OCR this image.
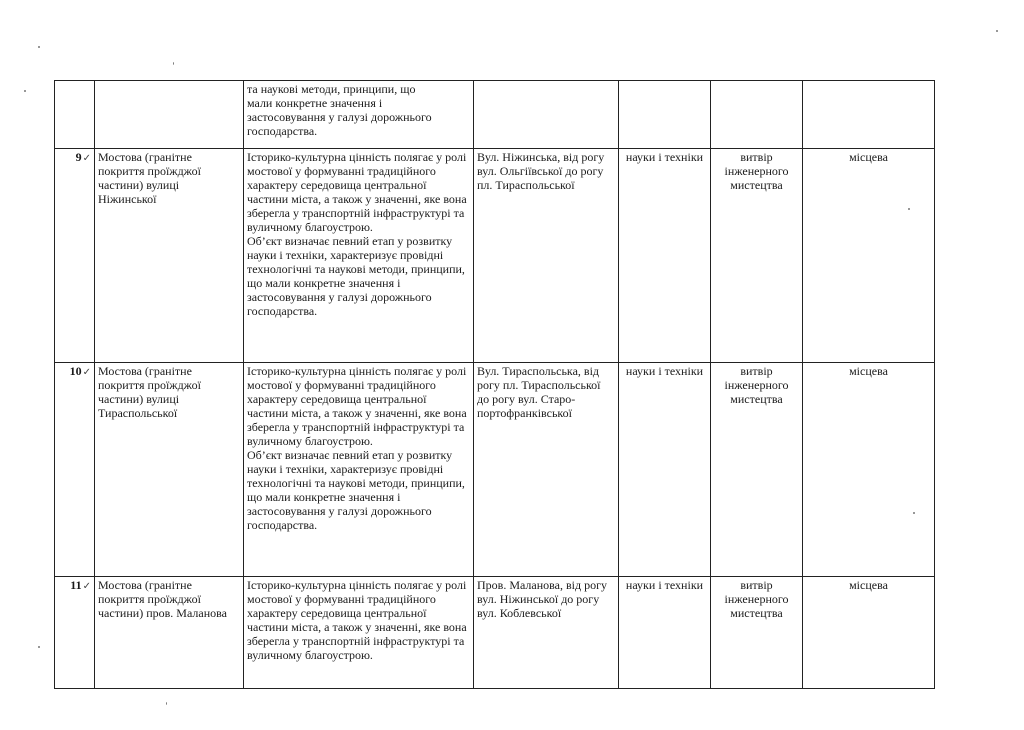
		та наукові методи, принципи, що
мали конкретне значення і
застосовування у галузі дорожнього
господарства.				

9✓	Мостова (гранітне покриття проїжджої частини) вулиці Ніжинської	Історико-культурна цінність полягає у ролі мостової у формуванні традиційного характеру середовища центральної частини міста, а також у значенні, яке вона зберегла у транспортній інфраструктурі та вуличному благоустрою.
Об’єкт визначає певний етап у розвитку науки і техніки, характеризує провідні технологічні та наукові методи, принципи, що мали конкретне значення і застосовування у галузі дорожнього господарства.	Вул. Ніжинська, від рогу вул. Ольгіївської до рогу пл. Тираспольської	науки і техніки	витвір інженерного мистецтва	місцева
10✓	Мостова (гранітне покриття проїжджої частини) вулиці Тираспольської	Історико-культурна цінність полягає у ролі мостової у формуванні традиційного характеру середовища центральної частини міста, а також у значенні, яке вона зберегла у транспортній інфраструктурі та вуличному благоустрою.
Об’єкт визначає певний етап у розвитку науки і техніки, характеризує провідні технологічні та наукові методи, принципи, що мали конкретне значення і застосовування у галузі дорожнього господарства.	Вул. Тираспольська, від рогу пл. Тираспольської до рогу вул. Старо-портофранківської	науки і техніки	витвір інженерного мистецтва	місцева
11✓	Мостова (гранітне покриття проїжджої частини) пров. Маланова	Історико-культурна цінність полягає у ролі мостової у формуванні традиційного характеру середовища центральної частини міста, а також у значенні, яке вона зберегла у транспортній інфраструктурі та вуличному благоустрою.	Пров. Маланова, від рогу вул. Ніжинської до рогу вул. Коблевської	науки і техніки	витвір інженерного мистецтва	місцева
